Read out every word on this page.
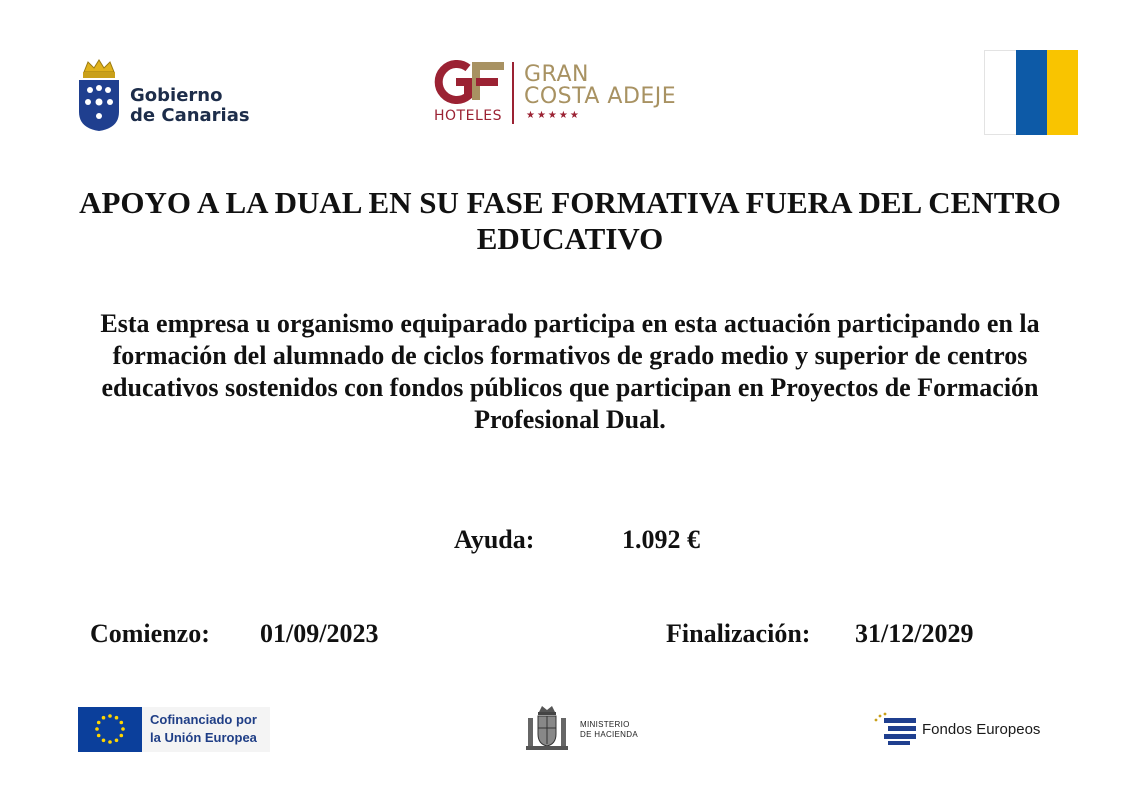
Gobierno
de Canarias	HOTELES
GRAN
COSTA ADEJE
★★★★★
APOYO A LA DUAL EN SU FASE FORMATIVA FUERA DEL CENTRO EDUCATIVO
Esta empresa u organismo equiparado participa en esta actuación participando en la formación del alumnado de ciclos formativos de grado medio y superior de centros educativos sostenidos con fondos públicos que participan en Proyectos de Formación Profesional Dual.
Ayuda:	1.092 €
Comienzo: 01/09/2023	Finalización: 31/12/2029
Cofinanciado por
la Unión Europea
MINISTERIO
DE HACIENDA	Fondos Europeos
